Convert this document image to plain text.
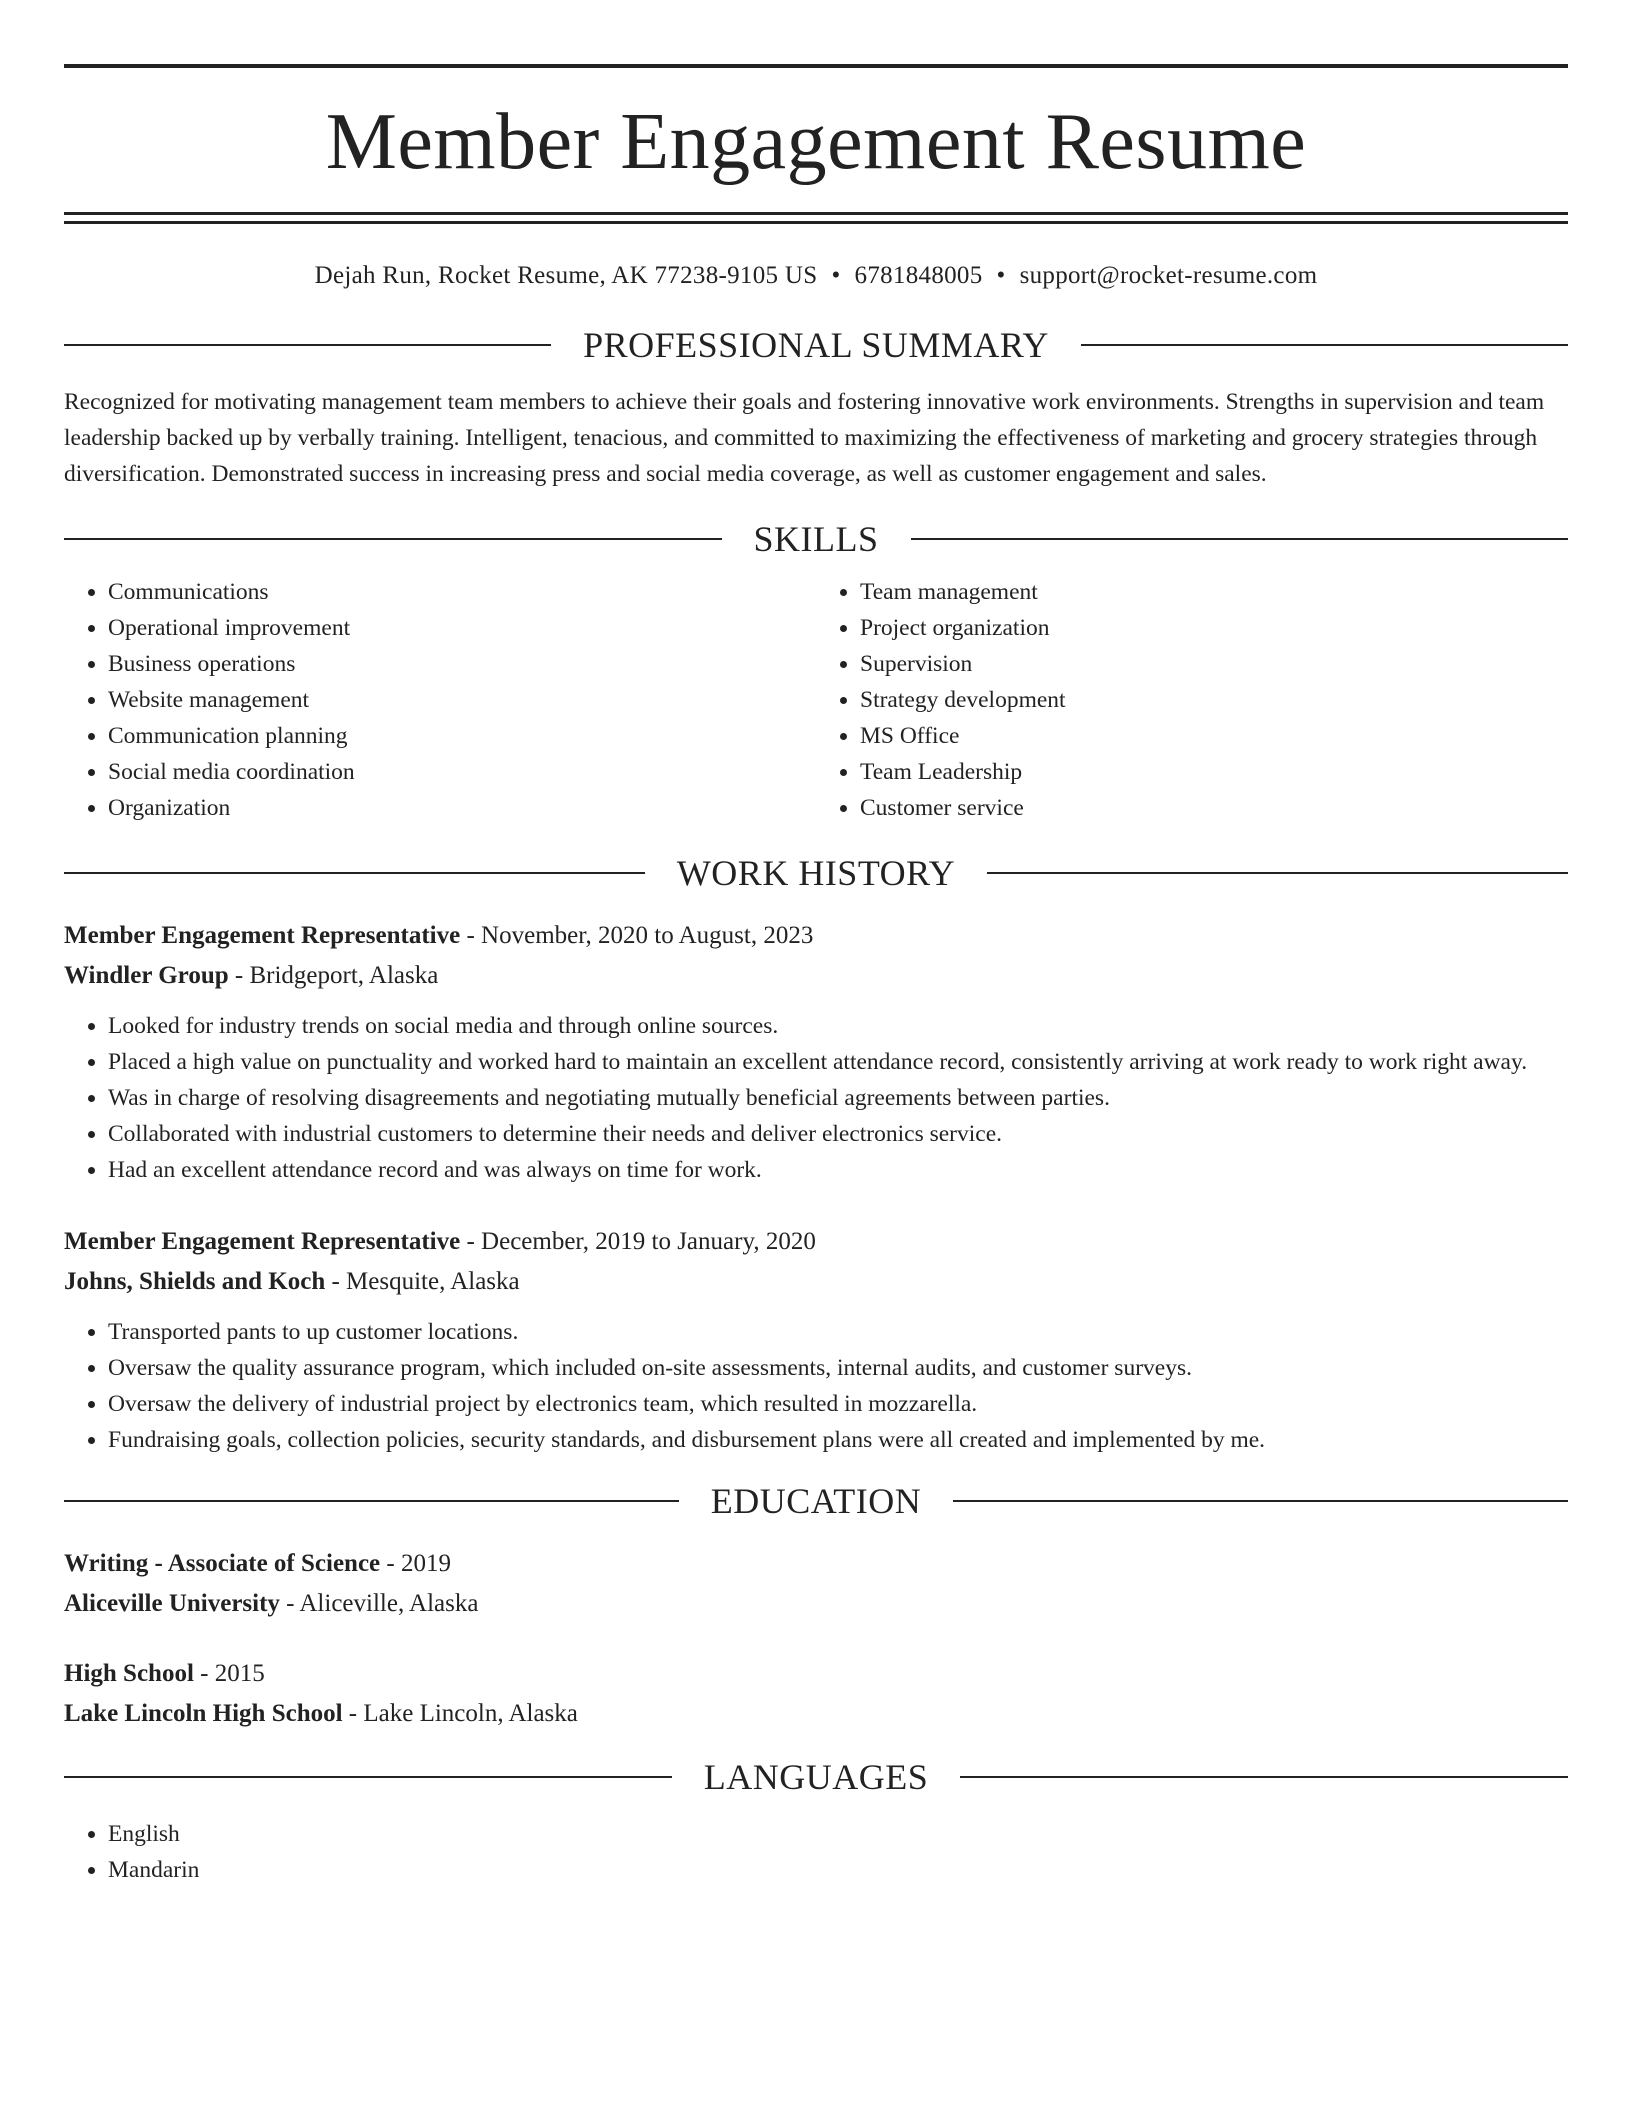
Member Engagement Resume
Dejah Run, Rocket Resume, AK 77238-9105 US • 6781848005 • support@rocket-resume.com
PROFESSIONAL SUMMARY

Recognized for motivating management team members to achieve their goals and fostering innovative work environments. Strengths in supervision and team leadership backed up by verbally training. Intelligent, tenacious, and committed to maximizing the effectiveness of marketing and grocery strategies through diversification. Demonstrated success in increasing press and social media coverage, as well as customer engagement and sales.

SKILLS
• Communications
• Operational improvement
• Business operations
• Website management
• Communication planning
• Social media coordination
• Organization
• Team management
• Project organization
• Supervision
• Strategy development
• MS Office
• Team Leadership
• Customer service
WORK HISTORY
Member Engagement Representative - November, 2020 to August, 2023
Windler Group - Bridgeport, Alaska
• Looked for industry trends on social media and through online sources.
• Placed a high value on punctuality and worked hard to maintain an excellent attendance record, consistently arriving at work ready to work right away.
• Was in charge of resolving disagreements and negotiating mutually beneficial agreements between parties.
• Collaborated with industrial customers to determine their needs and deliver electronics service.
• Had an excellent attendance record and was always on time for work.
Member Engagement Representative - December, 2019 to January, 2020
Johns, Shields and Koch - Mesquite, Alaska
• Transported pants to up customer locations.
• Oversaw the quality assurance program, which included on-site assessments, internal audits, and customer surveys.
• Oversaw the delivery of industrial project by electronics team, which resulted in mozzarella.
• Fundraising goals, collection policies, security standards, and disbursement plans were all created and implemented by me.
EDUCATION
Writing - Associate of Science - 2019
Aliceville University - Aliceville, Alaska
High School - 2015
Lake Lincoln High School - Lake Lincoln, Alaska
LANGUAGES
• English
• Mandarin
